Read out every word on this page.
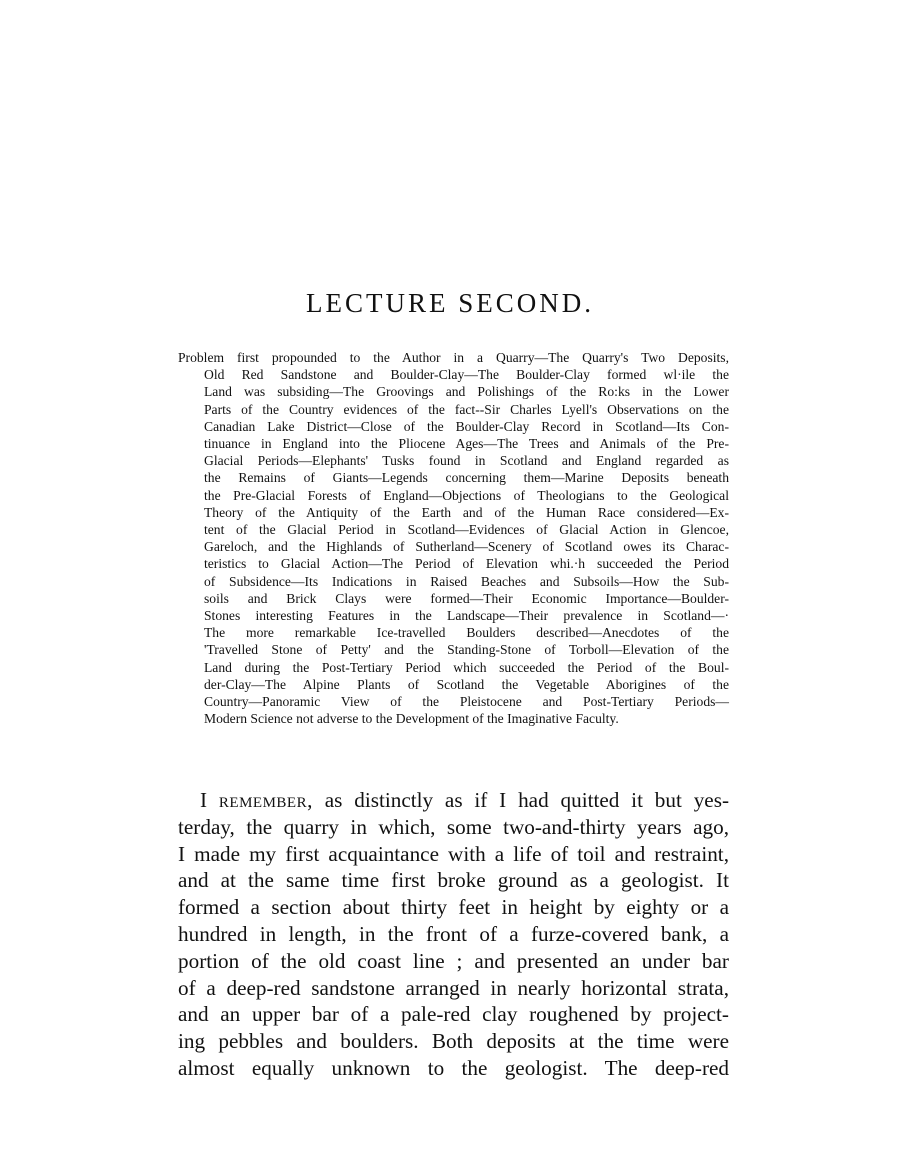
LECTURE SECOND.
Problem first propounded to the Author in a Quarry—The Quarry's Two Deposits,
Old Red Sandstone and Boulder-Clay—The Boulder-Clay formed wl·ile the
Land was subsiding—The Groovings and Polishings of the Ro:ks in the Lower
Parts of the Country evidences of the fact--Sir Charles Lyell's Observations on the
Canadian Lake District—Close of the Boulder-Clay Record in Scotland—Its Con-
tinuance in England into the Pliocene Ages—The Trees and Animals of the Pre-
Glacial Periods—Elephants' Tusks found in Scotland and England regarded as
the Remains of Giants—Legends concerning them—Marine Deposits beneath
the Pre-Glacial Forests of England—Objections of Theologians to the Geological
Theory of the Antiquity of the Earth and of the Human Race considered—Ex-
tent of the Glacial Period in Scotland—Evidences of Glacial Action in Glencoe,
Gareloch, and the Highlands of Sutherland—Scenery of Scotland owes its Charac-
teristics to Glacial Action—The Period of Elevation whi.·h succeeded the Period
of Subsidence—Its Indications in Raised Beaches and Subsoils—How the Sub-
soils and Brick Clays were formed—Their Economic Importance—Boulder-
Stones interesting Features in the Landscape—Their prevalence in Scotland—·
The more remarkable Ice-travelled Boulders described—Anecdotes of the
'Travelled Stone of Petty' and the Standing-Stone of Torboll—Elevation of the
Land during the Post-Tertiary Period which succeeded the Period of the Boul-
der-Clay—The Alpine Plants of Scotland the Vegetable Aborigines of the
Country—Panoramic View of the Pleistocene and Post-Tertiary Periods—
Modern Science not adverse to the Development of the Imaginative Faculty.
I remember, as distinctly as if I had quitted it but yes-
terday, the quarry in which, some two-and-thirty years ago,
I made my first acquaintance with a life of toil and restraint,
and at the same time first broke ground as a geologist. It
formed a section about thirty feet in height by eighty or a
hundred in length, in the front of a furze-covered bank, a
portion of the old coast line ; and presented an under bar
of a deep-red sandstone arranged in nearly horizontal strata,
and an upper bar of a pale-red clay roughened by project-
ing pebbles and boulders. Both deposits at the time were
almost equally unknown to the geologist. The deep-red
